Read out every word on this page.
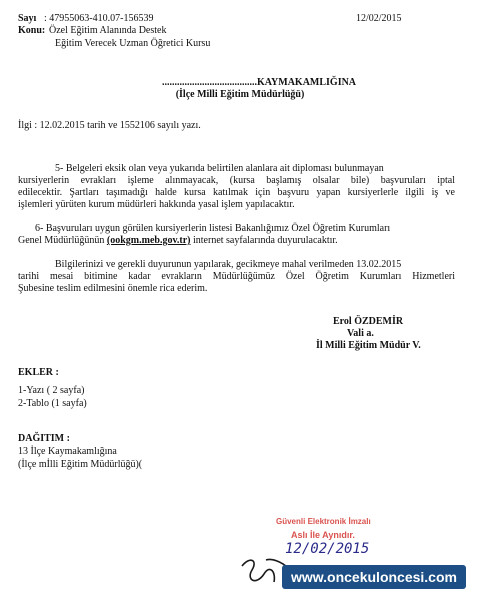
Sayı : 47955063-410.07-156539	12/02/2015
Konu: Özel Eğitim Alanında Destek
Eğitim Verecek Uzman Öğretici Kursu
......................................KAYMAKAMLIĞINA
(İlçe Milli Eğitim Müdürlüğü)
İlgi : 12.02.2015 tarih ve 1552106 sayılı yazı.
5- Belgeleri eksik olan veya yukarıda belirtilen alanlara ait diploması bulunmayan
kursiyerlerin evrakları işleme alınmayacak, (kursa başlamış olsalar bile) başvuruları iptal
edilecektir. Şartları taşımadığı halde kursa katılmak için başvuru yapan kursiyerlerle ilgili iş ve
işlemleri yürüten kurum müdürleri hakkında yasal işlem yapılacaktır.
6- Başvuruları uygun görülen kursiyerlerin listesi Bakanlığımız Özel Öğretim Kurumları
Genel Müdürlüğünün (ookgm.meb.gov.tr) internet sayfalarında duyurulacaktır.
Bilgilerinizi ve gerekli duyurunun yapılarak, gecikmeye mahal verilmeden 13.02.2015
tarihi mesai bitimine kadar evrakların Müdürlüğümüz Özel Öğretim Kurumları Hizmetleri
Şubesine teslim edilmesini önemle rica ederim.
Erol ÖZDEMİR
Vali a.
İl Milli Eğitim Müdür V.
EKLER :
1-Yazı ( 2 sayfa)
2-Tablo (1 sayfa)
DAĞITIM :
13 İlçe Kaymakamlığına
(İlçe mİlli Eğitim Müdürlüğü)(
Güvenli Elektronik İmzalı
Aslı İle Aynıdır.
12/02/2015
www.oncekuloncesi.com
